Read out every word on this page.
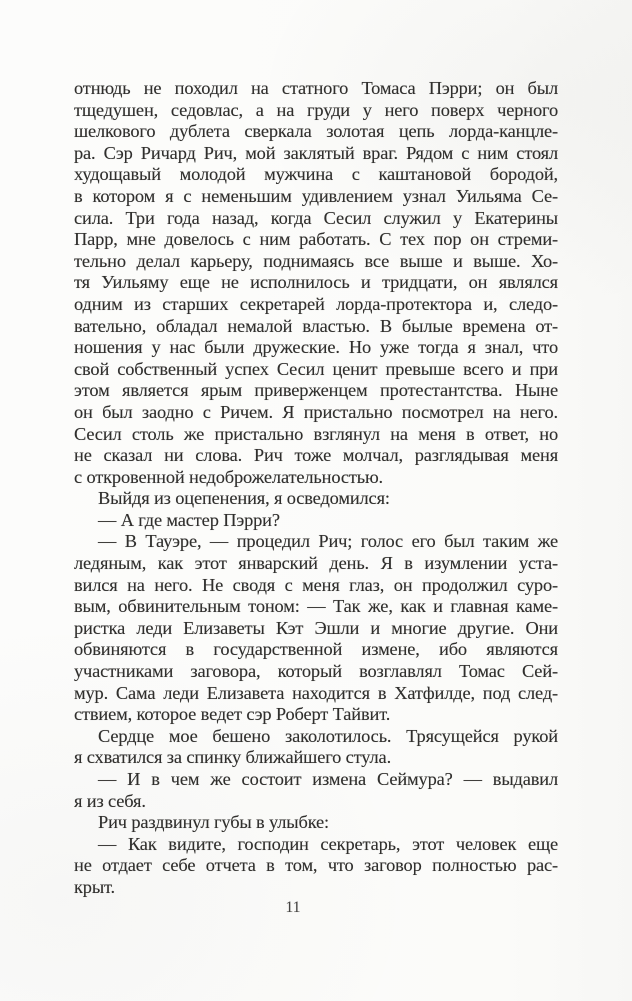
отнюдь не походил на статного Томаса Пэрри; он был
тщедушен, седовлас, а на груди у него поверх черного
шелкового дублета сверкала золотая цепь лорда-канцле-
ра. Сэр Ричард Рич, мой заклятый враг. Рядом с ним стоял
худощавый молодой мужчина с каштановой бородой,
в котором я с неменьшим удивлением узнал Уильяма Се-
сила. Три года назад, когда Сесил служил у Екатерины
Парр, мне довелось с ним работать. С тех пор он стреми-
тельно делал карьеру, поднимаясь все выше и выше. Хо-
тя Уильяму еще не исполнилось и тридцати, он являлся
одним из старших секретарей лорда-протектора и, следо-
вательно, обладал немалой властью. В былые времена от-
ношения у нас были дружеские. Но уже тогда я знал, что
свой собственный успех Сесил ценит превыше всего и при
этом является ярым приверженцем протестантства. Ныне
он был заодно с Ричем. Я пристально посмотрел на него.
Сесил столь же пристально взглянул на меня в ответ, но
не сказал ни слова. Рич тоже молчал, разглядывая меня
с откровенной недоброжелательностью.
Выйдя из оцепенения, я осведомился:
— А где мастер Пэрри?
— В Тауэре, — процедил Рич; голос его был таким же
ледяным, как этот январский день. Я в изумлении уста-
вился на него. Не сводя с меня глаз, он продолжил суро-
вым, обвинительным тоном: — Так же, как и главная каме-
ристка леди Елизаветы Кэт Эшли и многие другие. Они
обвиняются в государственной измене, ибо являются
участниками заговора, который возглавлял Томас Сей-
мур. Сама леди Елизавета находится в Хатфилде, под след-
ствием, которое ведет сэр Роберт Тайвит.
Сердце мое бешено заколотилось. Трясущейся рукой
я схватился за спинку ближайшего стула.
— И в чем же состоит измена Сеймура? — выдавил
я из себя.
Рич раздвинул губы в улыбке:
— Как видите, господин секретарь, этот человек еще
не отдает себе отчета в том, что заговор полностью рас-
крыт.
11
